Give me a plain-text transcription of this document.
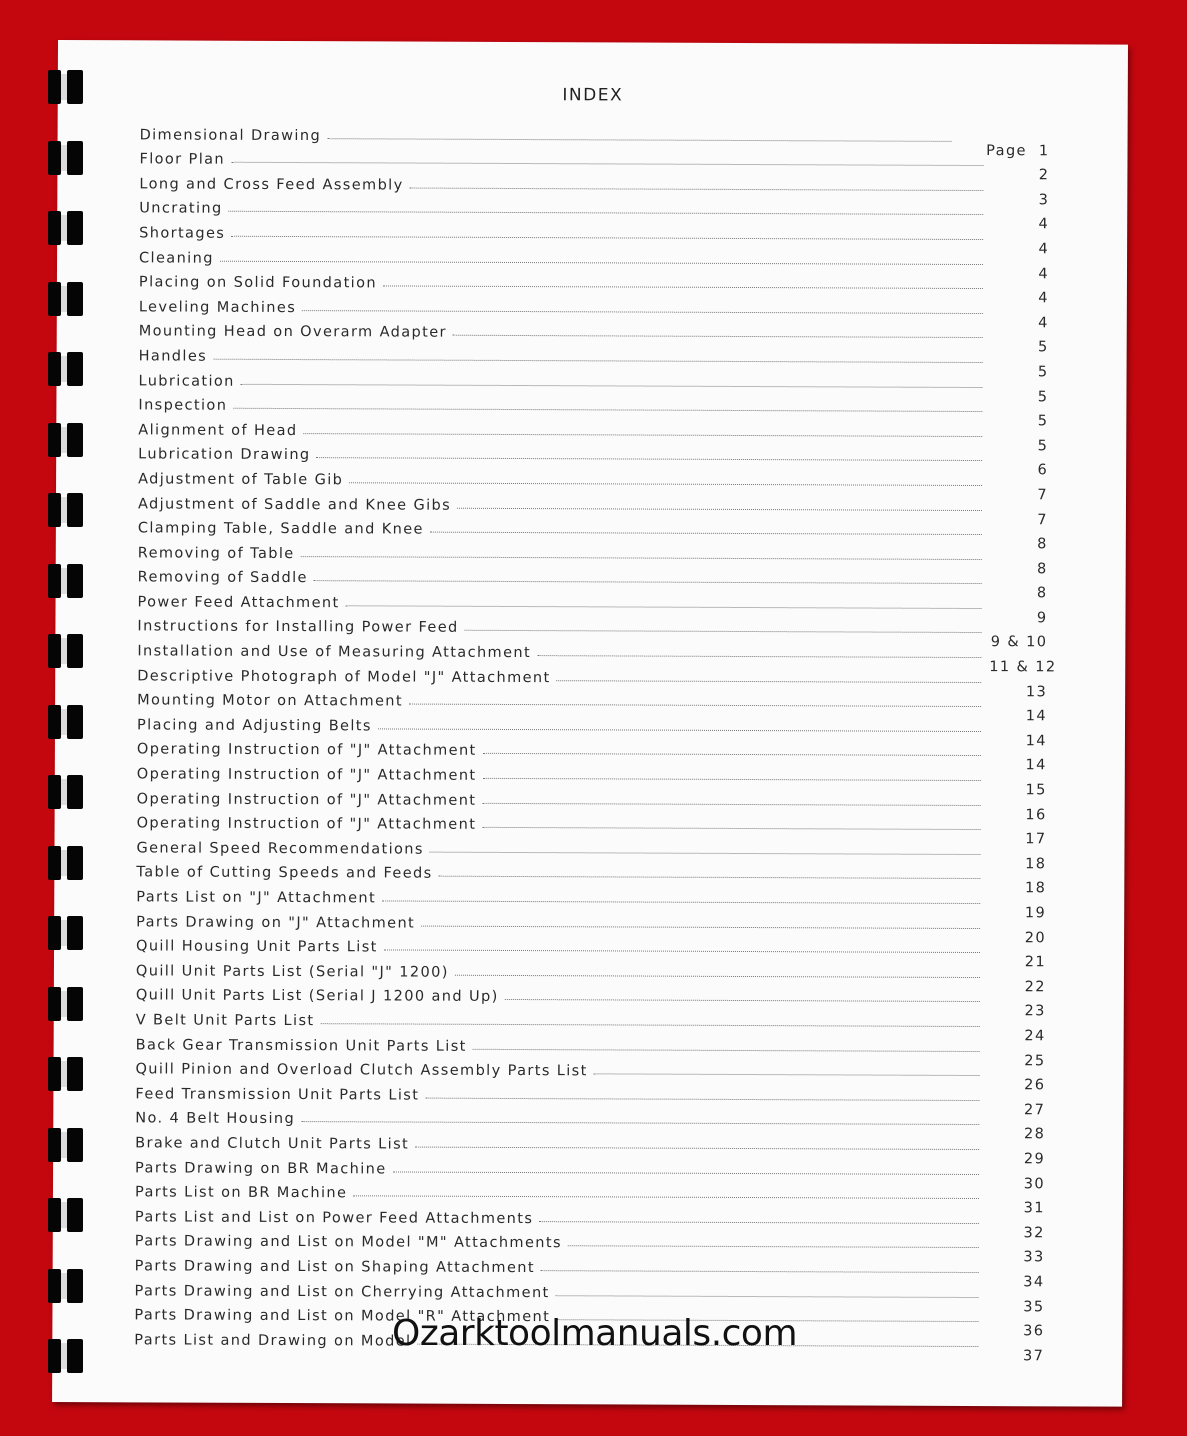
INDEX
Dimensional Drawing
Page 1
Floor Plan
2
Long and Cross Feed Assembly
3
Uncrating
4
Shortages
4
Cleaning
4
Placing on Solid Foundation
4
Leveling Machines
4
Mounting Head on Overarm Adapter
5
Handles
5
Lubrication
5
Inspection
5
Alignment of Head
5
Lubrication Drawing
6
Adjustment of Table Gib
7
Adjustment of Saddle and Knee Gibs
7
Clamping Table, Saddle and Knee
8
Removing of Table
8
Removing of Saddle
8
Power Feed Attachment
9
Instructions for Installing Power Feed
9 & 10
Installation and Use of Measuring Attachment
11 & 12
Descriptive Photograph of Model "J" Attachment
13
Mounting Motor on Attachment
14
Placing and Adjusting Belts
14
Operating Instruction of "J" Attachment
14
Operating Instruction of "J" Attachment
15
Operating Instruction of "J" Attachment
16
Operating Instruction of "J" Attachment
17
General Speed Recommendations
18
Table of Cutting Speeds and Feeds
18
Parts List on "J" Attachment
19
Parts Drawing on "J" Attachment
20
Quill Housing Unit Parts List
21
Quill Unit Parts List (Serial "J" 1200)
22
Quill Unit Parts List (Serial J 1200 and Up)
23
V Belt Unit Parts List
24
Back Gear Transmission Unit Parts List
25
Quill Pinion and Overload Clutch Assembly Parts List
26
Feed Transmission Unit Parts List
27
No. 4 Belt Housing
28
Brake and Clutch Unit Parts List
29
Parts Drawing on BR Machine
30
Parts List on BR Machine
31
Parts List and List on Power Feed Attachments
32
Parts Drawing and List on Model "M" Attachments
33
Parts Drawing and List on Shaping Attachment
34
Parts Drawing and List on Cherrying Attachment
35
Parts Drawing and List on Model "R" Attachment
36
Parts List and Drawing on Model
37
Ozarktoolmanuals.com
